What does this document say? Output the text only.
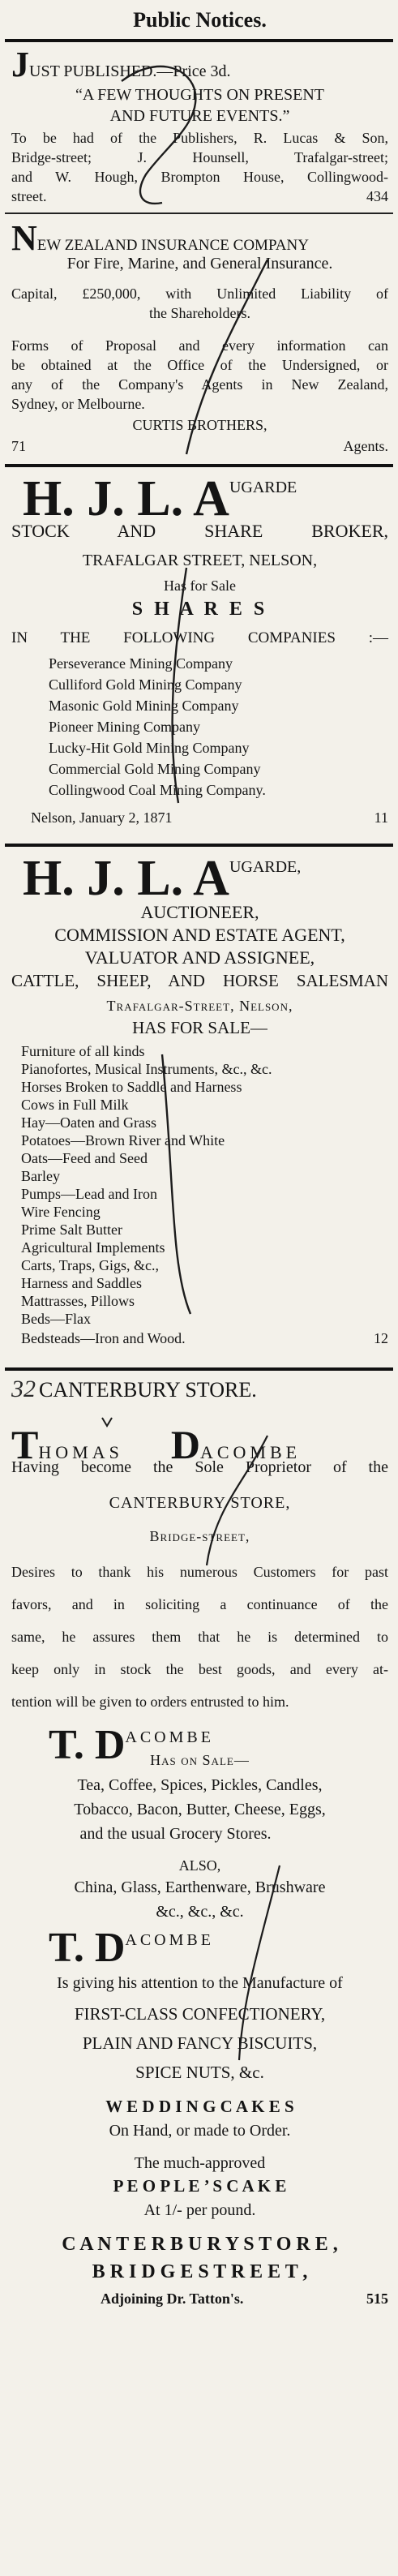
Public Notices.
JUST PUBLISHED.—Price 3d.
“A FEW THOUGHTS ON PRESENT
AND FUTURE EVENTS.”
To be had of the Publishers, R. Lucas & Son,
Bridge-street; J. Hounsell, Trafalgar-street;
and W. Hough, Brompton House, Collingwood-
street.	434
NEW ZEALAND INSURANCE COMPANY
For Fire, Marine, and General Insurance.
Capital, £250,000, with Unlimited Liability of
the Shareholders.
Forms of Proposal and every information can
be obtained at the Office of the Undersigned, or
any of the Company's Agents in New Zealand,
Sydney, or Melbourne.
CURTIS BROTHERS,
71	Agents.
H. J. L. A UGARDE
STOCK AND SHARE BROKER,
TRAFALGAR STREET, NELSON,
Has for Sale
S H A R E S
IN THE FOLLOWING COMPANIES :—
Perseverance Mining Company
Culliford Gold Mining Company
Masonic Gold Mining Company
Pioneer Mining Company
Lucky-Hit Gold Mining Company
Commercial Gold Mining Company
Collingwood Coal Mining Company.
Nelson, January 2, 1871	11
H. J. L. A UGARDE,
AUCTIONEER,
COMMISSION AND ESTATE AGENT,
VALUATOR AND ASSIGNEE,
CATTLE, SHEEP, AND HORSE SALESMAN
Trafalgar-Street, Nelson,
HAS FOR SALE—
Furniture of all kinds
Pianofortes, Musical Instruments, &c., &c.
Horses Broken to Saddle and Harness
Cows in Full Milk
Hay—Oaten and Grass
Potatoes—Brown River and White
Oats—Feed and Seed
Barley
Pumps—Lead and Iron
Wire Fencing
Prime Salt Butter
Agricultural Implements
Carts, Traps, Gigs, &c.,
Harness and Saddles
Mattrasses, Pillows
Beds—Flax
Bedsteads—Iron and Wood.	12
32 CANTERBURY STORE.
THOMAS DACOMBE
Having become the Sole Proprietor of the
CANTERBURY STORE,
Bridge-street,
Desires to thank his numerous Customers for past
favors, and in soliciting a continuance of the
same, he assures them that he is determined to
keep only in stock the best goods, and every at-
tention will be given to orders entrusted to him.
T. DACOMBE
Has on Sale—
Tea, Coffee, Spices, Pickles, Candles,
Tobacco, Bacon, Butter, Cheese, Eggs,
and the usual Grocery Stores.
ALSO,
China, Glass, Earthenware, Brushware
&c., &c., &c.
T. DACOMBE
Is giving his attention to the Manufacture of
FIRST-CLASS CONFECTIONERY,
PLAIN AND FANCY BISCUITS,
SPICE NUTS, &c.
W E D D I N G C A K E S
On Hand, or made to Order.
The much-approved
P E O P L E ’ S C A K E
At 1/- per pound.
C A N T E R B U R Y S T O R E ,
B R I D G E S T R E E T ,
Adjoining Dr. Tatton's.	515
